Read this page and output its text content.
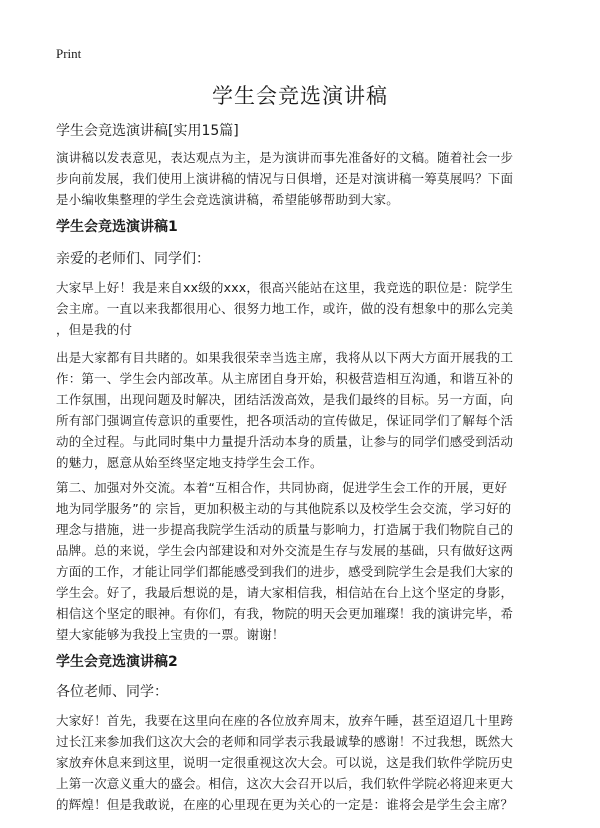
Print
学生会竞选演讲稿
学生会竞选演讲稿[实用15篇]
演讲稿以发表意见，表达观点为主，是为演讲而事先准备好的文稿。随着社会一步
步向前发展，我们使用上演讲稿的情况与日俱增，还是对演讲稿一筹莫展吗？下面
是小编收集整理的学生会竞选演讲稿，希望能够帮助到大家。
学生会竞选演讲稿1
亲爱的老师们、同学们：
大家早上好！我是来自xx级的xxx，很高兴能站在这里，我竞选的职位是：院学生
会主席。一直以来我都很用心、很努力地工作，或许，做的没有想象中的那么完美
，但是我的付
出是大家都有目共睹的。如果我很荣幸当选主席，我将从以下两大方面开展我的工
作：第一、学生会内部改革。从主席团自身开始，积极营造相互沟通，和谐互补的
工作氛围，出现问题及时解决，团结活泼高效，是我们最终的目标。另一方面，向
所有部门强调宣传意识的重要性，把各项活动的宣传做足，保证同学们了解每个活
动的全过程。与此同时集中力量提升活动本身的质量，让参与的同学们感受到活动
的魅力，愿意从始至终坚定地支持学生会工作。
第二、加强对外交流。本着“互相合作，共同协商，促进学生会工作的开展，更好
地为同学服务”的 宗旨，更加积极主动的与其他院系以及校学生会交流，学习好的
理念与措施，进一步提高我院学生活动的质量与影响力，打造属于我们物院自己的
品牌。总的来说，学生会内部建设和对外交流是生存与发展的基础，只有做好这两
方面的工作，才能让同学们都能感受到我们的进步，感受到院学生会是我们大家的
学生会。好了，我最后想说的是，请大家相信我，相信站在台上这个坚定的身影，
相信这个坚定的眼神。有你们，有我，物院的明天会更加璀璨！我的演讲完毕，希
望大家能够为我投上宝贵的一票。谢谢！
学生会竞选演讲稿2
各位老师、同学：
大家好！首先，我要在这里向在座的各位放弃周末，放弃午睡，甚至迢迢几十里跨
过长江来参加我们这次大会的老师和同学表示我最诚挚的感谢！不过我想，既然大
家放弃休息来到这里，说明一定很重视这次大会。可以说，这是我们软件学院历史
上第一次意义重大的盛会。相信，这次大会召开以后，我们软件学院必将迎来更大
的辉煌！但是我敢说，在座的心里现在更为关心的一定是：谁将会是学生会主席？
